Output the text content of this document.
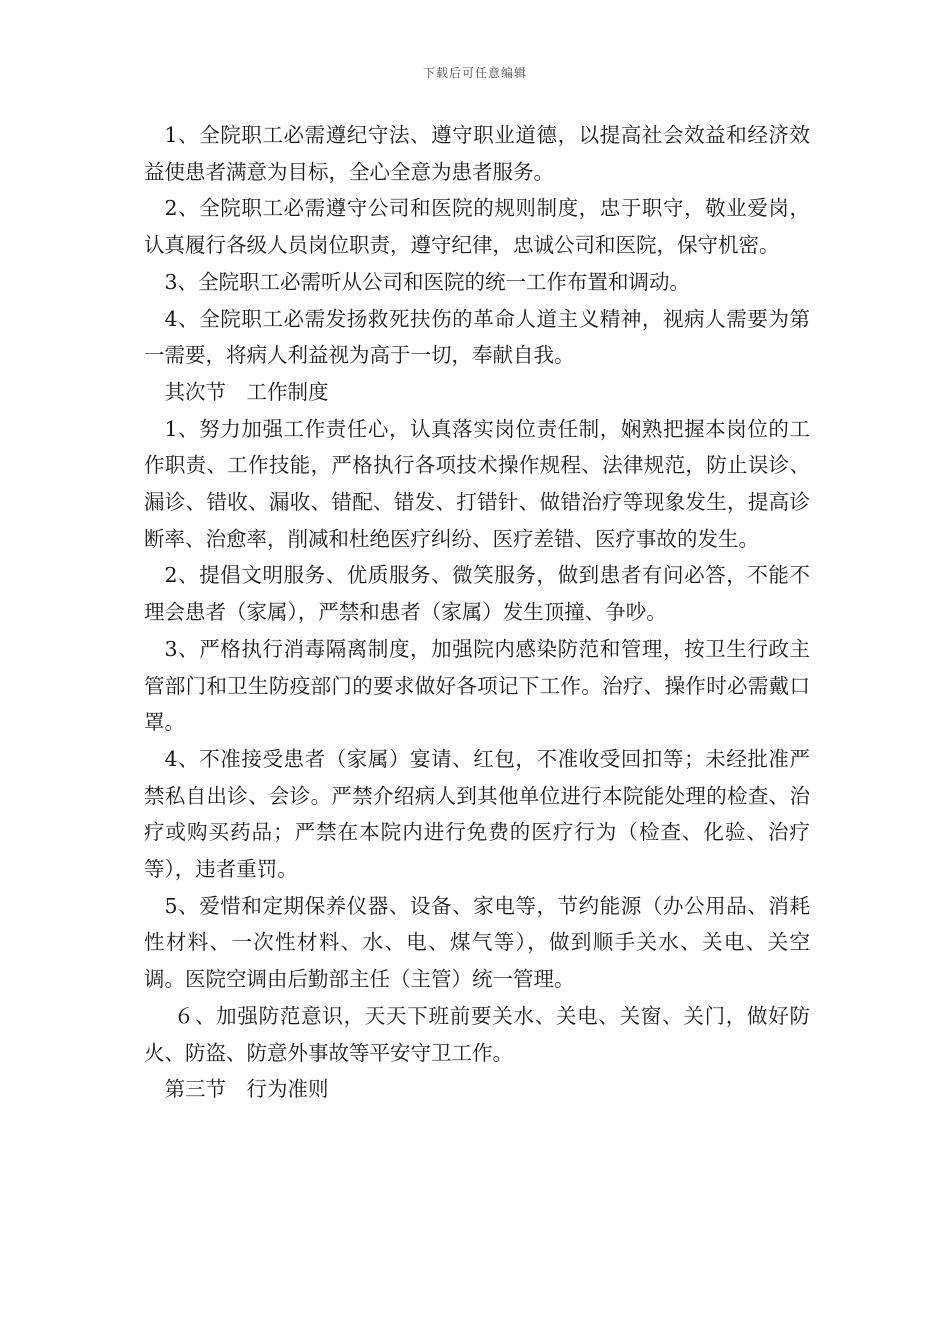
下载后可任意编辑

1、全院职工必需遵纪守法、遵守职业道德，以提高社会效益和经济效益使患者满意为目标，全心全意为患者服务。

2、全院职工必需遵守公司和医院的规则制度，忠于职守，敬业爱岗，认真履行各级人员岗位职责，遵守纪律，忠诚公司和医院，保守机密。

3、全院职工必需听从公司和医院的统一工作布置和调动。

4、全院职工必需发扬救死扶伤的革命人道主义精神，视病人需要为第一需要，将病人利益视为高于一切，奉献自我。

其次节　工作制度

1、努力加强工作责任心，认真落实岗位责任制，娴熟把握本岗位的工作职责、工作技能，严格执行各项技术操作规程、法律规范，防止误诊、漏诊、错收、漏收、错配、错发、打错针、做错治疗等现象发生，提高诊断率、治愈率，削减和杜绝医疗纠纷、医疗差错、医疗事故的发生。

2、提倡文明服务、优质服务、微笑服务，做到患者有问必答，不能不理会患者（家属），严禁和患者（家属）发生顶撞、争吵。

3、严格执行消毒隔离制度，加强院内感染防范和管理，按卫生行政主管部门和卫生防疫部门的要求做好各项记下工作。治疗、操作时必需戴口罩。

4、不准接受患者（家属）宴请、红包，不准收受回扣等；未经批准严禁私自出诊、会诊。严禁介绍病人到其他单位进行本院能处理的检查、治疗或购买药品；严禁在本院内进行免费的医疗行为（检查、化验、治疗等），违者重罚。

5、爱惜和定期保养仪器、设备、家电等，节约能源（办公用品、消耗性材料、一次性材料、水、电、煤气等），做到顺手关水、关电、关空调。医院空调由后勤部主任（主管）统一管理。

６、加强防范意识，天天下班前要关水、关电、关窗、关门，做好防火、防盗、防意外事故等平安守卫工作。

第三节　行为准则
